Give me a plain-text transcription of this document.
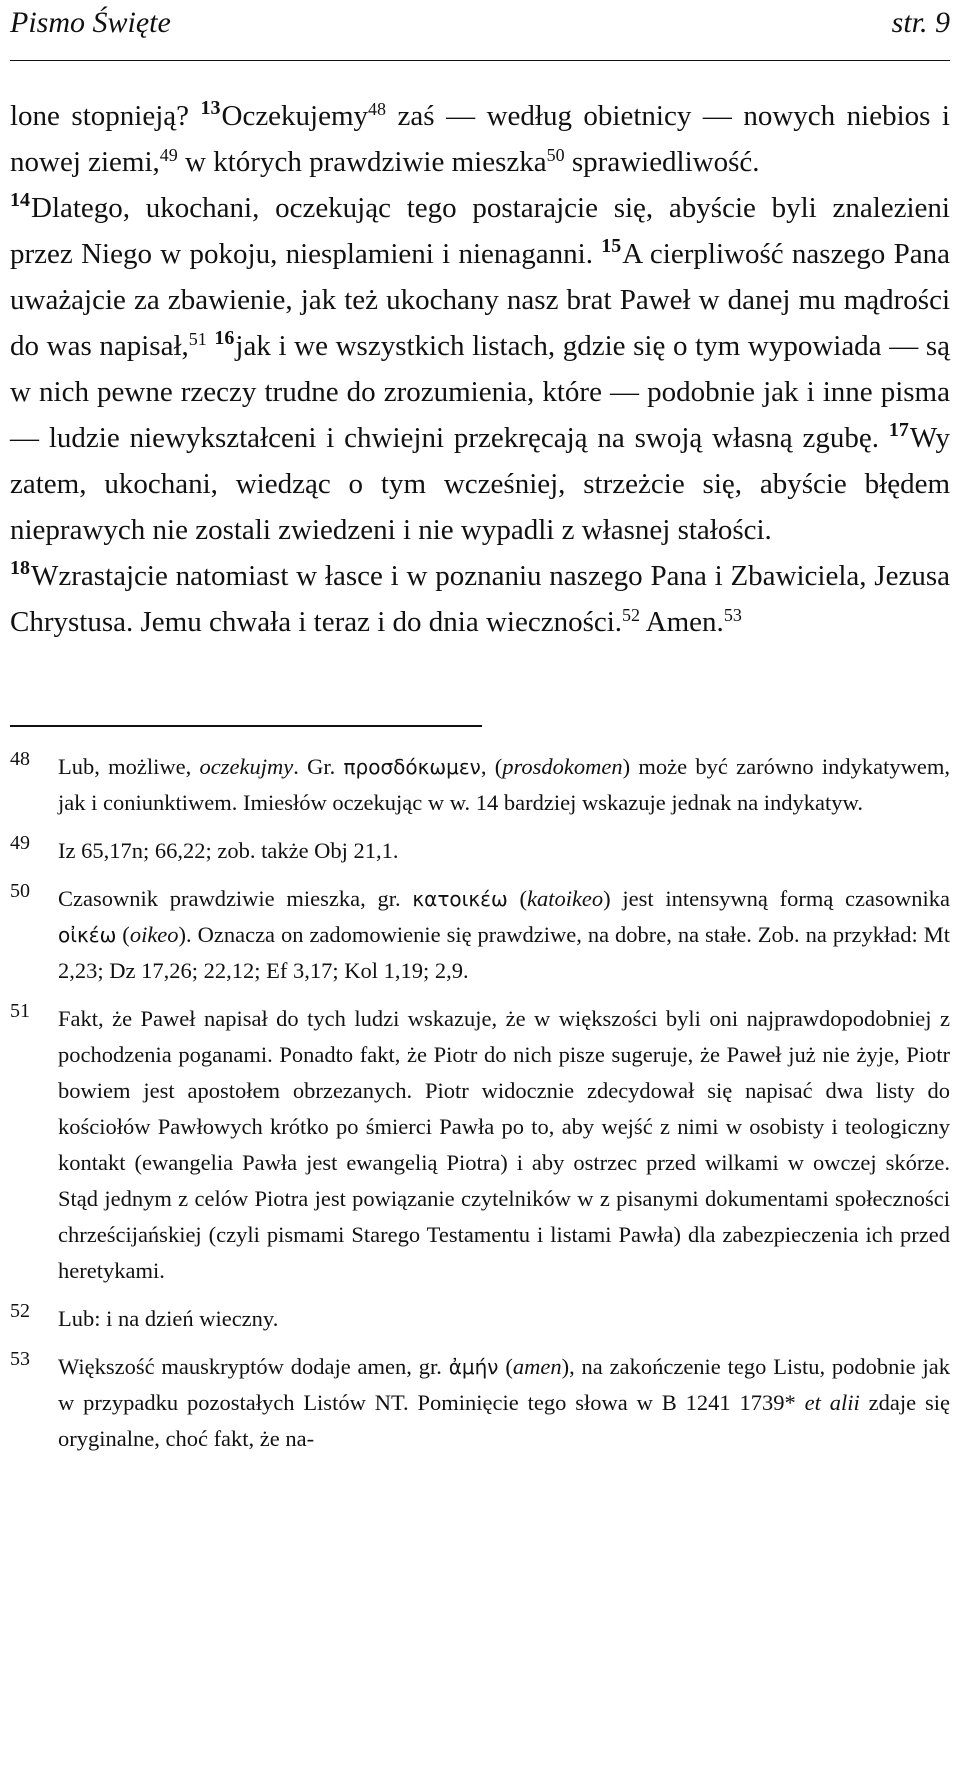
Pismo Święte	str. 9

lone stopnieją? $^{13}$Oczekujemy$^{48}$ zaś — według obietnicy — nowych niebios i nowej ziemi,$^{49}$ w których prawdziwie mieszka$^{50}$ sprawiedliwość.
$^{14}$Dlatego, ukochani, oczekując tego postarajcie się, abyście byli znalezieni przez Niego w pokoju, niesplamieni i nienaganni. $^{15}$A cierpliwość naszego Pana uważajcie za zbawienie, jak też ukochany nasz brat Paweł w danej mu mądrości do was napisał,$^{51}$ $^{16}$jak i we wszystkich listach, gdzie się o tym wypowiada — są w nich pewne rzeczy trudne do zrozumienia, które — podobnie jak i inne pisma — ludzie niewykształceni i chwiejni przekręcają na swoją własną zgubę. $^{17}$Wy zatem, ukochani, wiedząc o tym wcześniej, strzeżcie się, abyście błędem nieprawych nie zostali zwiedzeni i nie wypadli z własnej stałości.
$^{18}$Wzrastajcie natomiast w łasce i w poznaniu naszego Pana i Zbawiciela, Jezusa Chrystusa. Jemu chwała i teraz i do dnia wieczności.$^{52}$ Amen.$^{53}$

48	Lub, możliwe, oczekujmy. Gr. προσδόκωμεν, (prosdokomen) może być zarówno indykatywem, jak i coniunktiwem. Imiesłów oczekując w w. 14 bardziej wskazuje jednak na indykatyw.
49	Iz 65,17n; 66,22; zob. także Obj 21,1.
50	Czasownik prawdziwie mieszka, gr. κατοικέω (katoikeo) jest intensywną formą czasownika οἰκέω (oikeo). Oznacza on zadomowienie się prawdziwe, na dobre, na stałe. Zob. na przykład: Mt 2,23; Dz 17,26; 22,12; Ef 3,17; Kol 1,19; 2,9.
51	Fakt, że Paweł napisał do tych ludzi wskazuje, że w większości byli oni najprawdopodobniej z pochodzenia poganami. Ponadto fakt, że Piotr do nich pisze sugeruje, że Paweł już nie żyje, Piotr bowiem jest apostołem obrzezanych. Piotr widocznie zdecydował się napisać dwa listy do kościołów Pawłowych krótko po śmierci Pawła po to, aby wejść z nimi w osobisty i teologiczny kontakt (ewangelia Pawła jest ewangelią Piotra) i aby ostrzec przed wilkami w owczej skórze. Stąd jednym z celów Piotra jest powiązanie czytelników w z pisanymi dokumentami społeczności chrześcijańskiej (czyli pismami Starego Testamentu i listami Pawła) dla zabezpieczenia ich przed heretykami.
52	Lub: i na dzień wieczny.
53	Większość mauskryptów dodaje amen, gr. ἀμήν (amen), na zakończenie tego Listu, podobnie jak w przypadku pozostałych Listów NT. Pominięcie tego słowa w B 1241 1739* et alii zdaje się oryginalne, choć fakt, że na-
